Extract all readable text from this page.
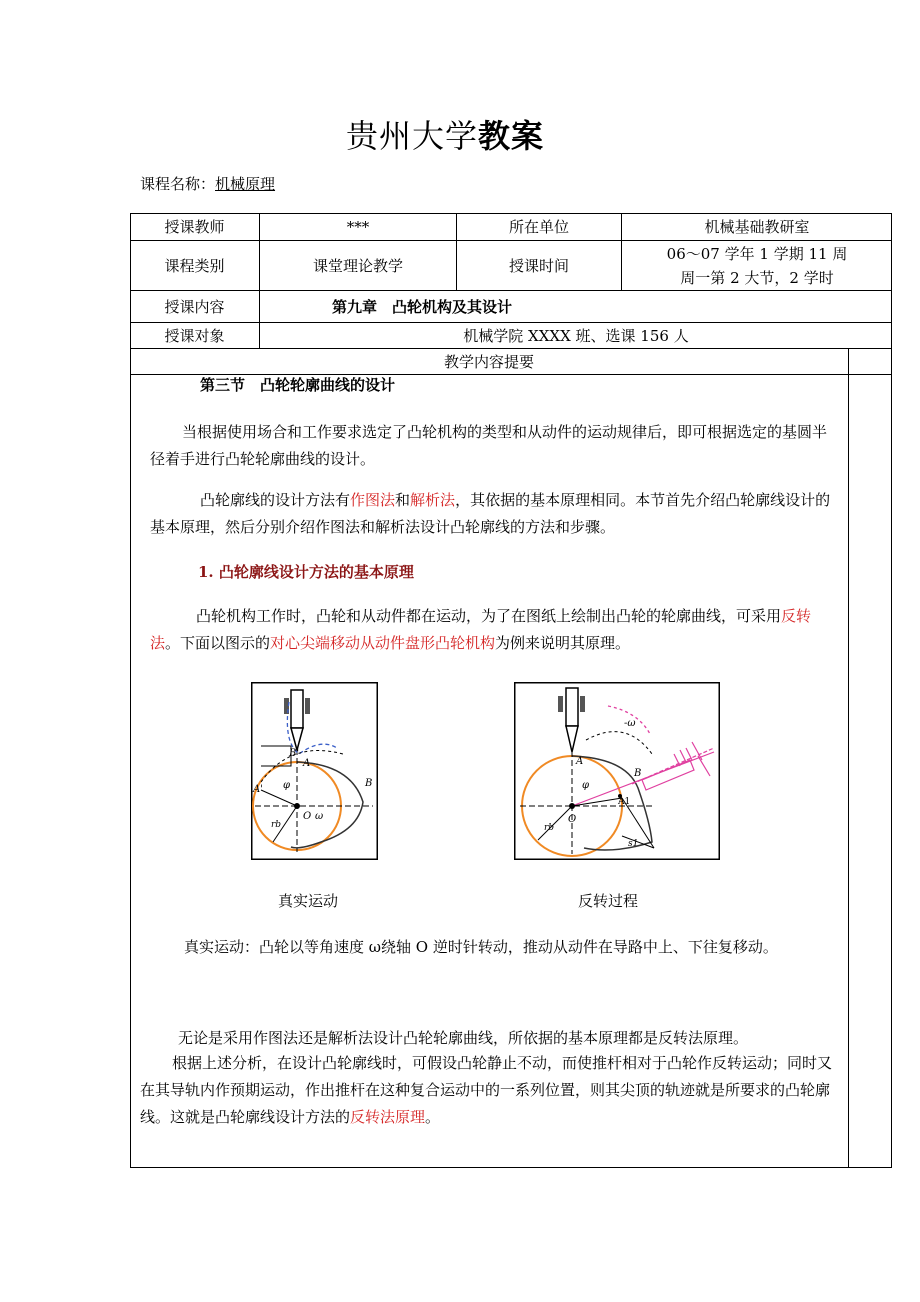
贵州大学教案
课程名称：机械原理
授课教师	***	所在单位	机械基础教研室
课程类别	课堂理论教学	授课时间
06～07 学年 1 学期 11 周
周一第 2 大节，2 学时
授课内容	第九章　凸轮机构及其设计
授课对象	机械学院 XXXX 班、选课 156 人
教学内容提要
第三节　凸轮轮廓曲线的设计
当根据使用场合和工作要求选定了凸轮机构的类型和从动件的运动规律后，即可根据选定的基圆半径着手进行凸轮轮廓曲线的设计。
凸轮廓线的设计方法有作图法和解析法，其依据的基本原理相同。本节首先介绍凸轮廓线设计的基本原理，然后分别介绍作图法和解析法设计凸轮廓线的方法和步骤。
1. 凸轮廓线设计方法的基本原理
凸轮机构工作时，凸轮和从动件都在运动，为了在图纸上绘制出凸轮的轮廓曲线，可采用反转法。下面以图示的对心尖端移动从动件盘形凸轮机构为例来说明其原理。
B'
A
A'
B
φ
rb
O ω
-ω
B
A
φ
A1
rb
O
s1
真实运动	反转过程
真实运动：凸轮以等角速度 ω绕轴 O 逆时针转动，推动从动件在导路中上、下往复移动。
无论是采用作图法还是解析法设计凸轮轮廓曲线，所依据的基本原理都是反转法原理。
根据上述分析，在设计凸轮廓线时，可假设凸轮静止不动，而使推杆相对于凸轮作反转运动；同时又在其导轨内作预期运动，作出推杆在这种复合运动中的一系列位置，则其尖顶的轨迹就是所要求的凸轮廓线。这就是凸轮廓线设计方法的反转法原理。
